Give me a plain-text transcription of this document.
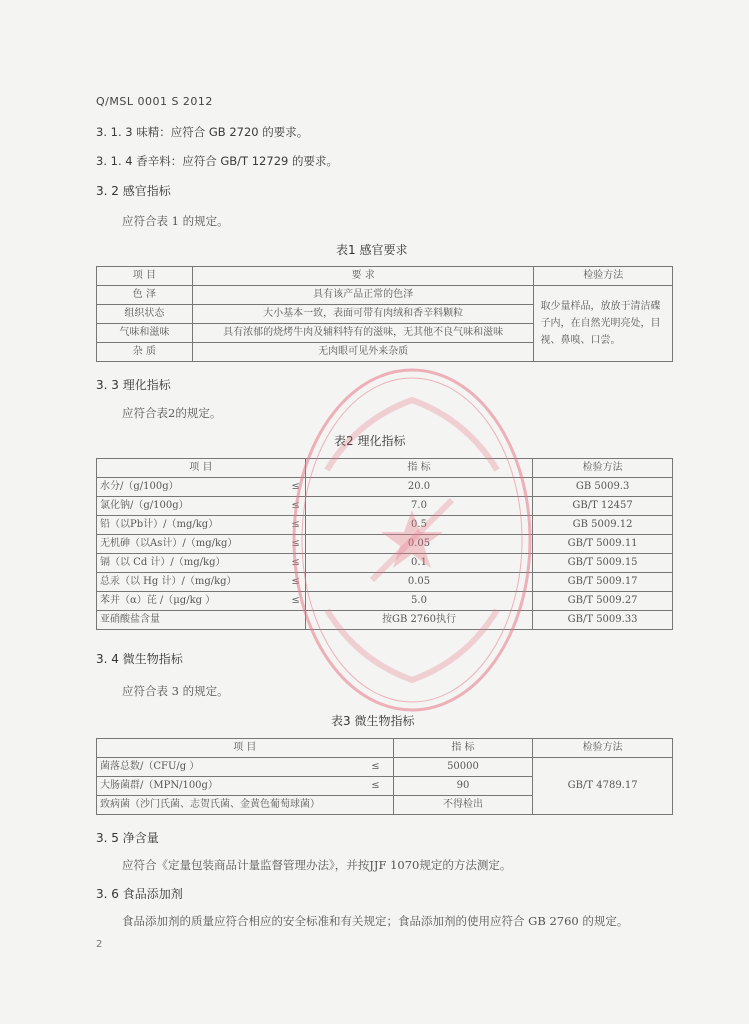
Q/MSL 0001 S 2012
3. 1. 3 味精：应符合 GB 2720 的要求。
3. 1. 4 香辛料：应符合 GB/T 12729 的要求。
3. 2 感官指标
应符合表 1 的规定。
表1 感官要求
项 目	要 求	检验方法
色 泽	具有该产品正常的色泽	取少量样品，放放于清洁碟子内，在自然光明亮处，目视、鼻嗅、口尝。
组织状态	大小基本一致，表面可带有肉绒和香辛料颗粒	
气味和滋味	具有浓郁的烧烤牛肉及辅料特有的滋味，无其他不良气味和滋味	
杂 质	无肉眼可见外来杂质	
3. 3 理化指标
应符合表2的规定。
表2 理化指标
项 目		指 标	检验方法
水分/（g/100g）	≤	20.0	GB 5009.3
氯化钠/（g/100g）	≤	7.0	GB/T 12457
铅（以Pb计）/（mg/kg）	≤	0.5	GB 5009.12
无机砷（以As计）/（mg/kg）	≤	0.05	GB/T 5009.11
镉（以 Cd 计）/（mg/kg）	≤	0.1	GB/T 5009.15
总汞（以 Hg 计）/（mg/kg）	≤	0.05	GB/T 5009.17
苯并（α）芘 /（μg/kg ）	≤	5.0	GB/T 5009.27
亚硝酸盐含量		按GB 2760执行	GB/T 5009.33
3. 4 微生物指标
应符合表 3 的规定。
表3 微生物指标
项 目	指 标	检验方法
菌落总数/（CFU/g ） ≤	50000	GB/T 4789.17
大肠菌群/（MPN/100g） ≤	90	
致病菌（沙门氏菌、志贺氏菌、金黄色葡萄球菌）	不得检出	
3. 5 净含量
应符合《定量包装商品计量监督管理办法》，并按JJF 1070规定的方法测定。
3. 6 食品添加剂
食品添加剂的质量应符合相应的安全标准和有关规定；食品添加剂的使用应符合 GB 2760 的规定。
2
